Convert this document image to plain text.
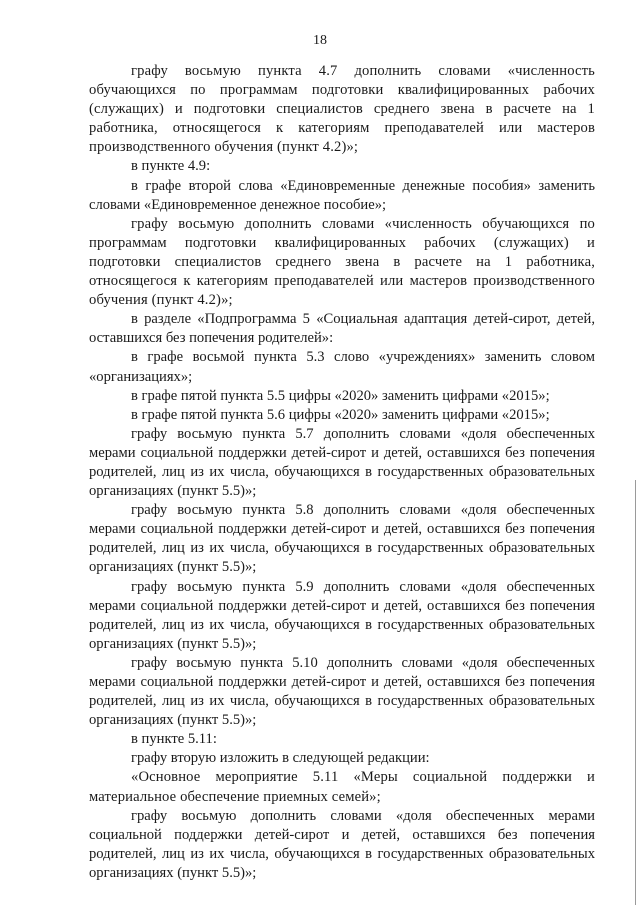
18

графу восьмую пункта 4.7 дополнить словами «численность обучающихся по программам подготовки квалифицированных рабочих (служащих) и подготовки специалистов среднего звена в расчете на 1 работника, относящегося к категориям преподавателей или мастеров производственного обучения (пункт 4.2)»;

в пункте 4.9:

в графе второй слова «Единовременные денежные пособия» заменить словами «Единовременное денежное пособие»;

графу восьмую дополнить словами «численность обучающихся по программам подготовки квалифицированных рабочих (служащих) и подготовки специалистов среднего звена в расчете на 1 работника, относящегося к категориям преподавателей или мастеров производственного обучения (пункт 4.2)»;

в разделе «Подпрограмма 5 «Социальная адаптация детей-сирот, детей, оставшихся без попечения родителей»:

в графе восьмой пункта 5.3 слово «учреждениях» заменить словом «организациях»;

в графе пятой пункта 5.5 цифры «2020» заменить цифрами «2015»;

в графе пятой пункта 5.6 цифры «2020» заменить цифрами «2015»;

графу восьмую пункта 5.7 дополнить словами «доля обеспеченных мерами социальной поддержки детей-сирот и детей, оставшихся без попечения родителей, лиц из их числа, обучающихся в государственных образовательных организациях (пункт 5.5)»;

графу восьмую пункта 5.8 дополнить словами «доля обеспеченных мерами социальной поддержки детей-сирот и детей, оставшихся без попечения родителей, лиц из их числа, обучающихся в государственных образовательных организациях (пункт 5.5)»;

графу восьмую пункта 5.9 дополнить словами «доля обеспеченных мерами социальной поддержки детей-сирот и детей, оставшихся без попечения родителей, лиц из их числа, обучающихся в государственных образовательных организациях (пункт 5.5)»;

графу восьмую пункта 5.10 дополнить словами «доля обеспеченных мерами социальной поддержки детей-сирот и детей, оставшихся без попечения родителей, лиц из их числа, обучающихся в государственных образовательных организациях (пункт 5.5)»;

в пункте 5.11:

графу вторую изложить в следующей редакции:

«Основное мероприятие 5.11 «Меры социальной поддержки и материальное обеспечение приемных семей»;

графу восьмую дополнить словами «доля обеспеченных мерами социальной поддержки детей-сирот и детей, оставшихся без попечения родителей, лиц из их числа, обучающихся в государственных образовательных организациях (пункт 5.5)»;
